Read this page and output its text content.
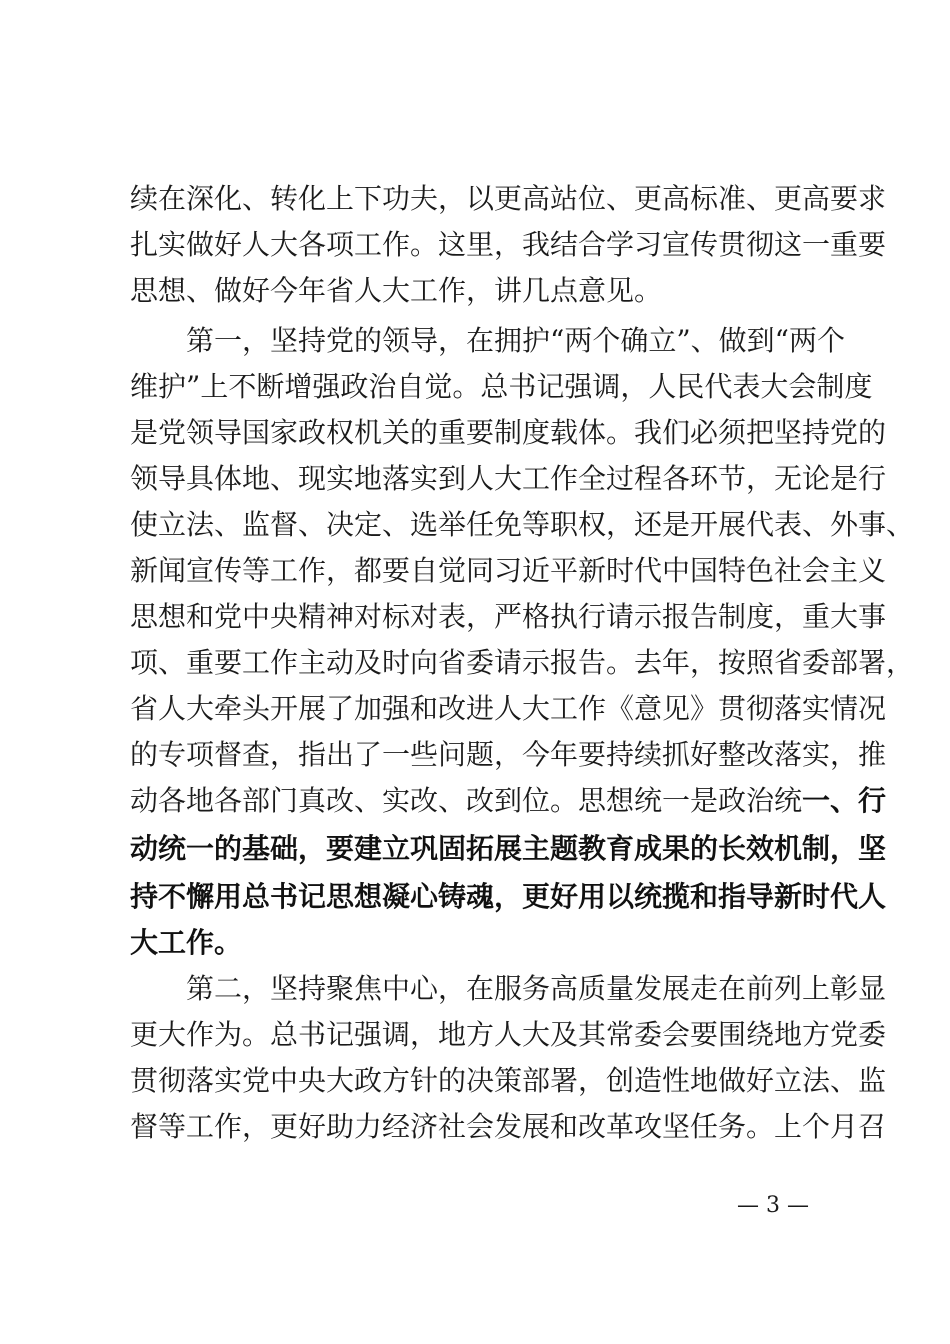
续在深化、转化上下功夫，以更高站位、更高标准、更高要求
扎实做好人大各项工作。这里，我结合学习宣传贯彻这一重要
思想、做好今年省人大工作，讲几点意见。
第一，坚持党的领导，在拥护“两个确立”、做到“两个
维护”上不断增强政治自觉。总书记强调，人民代表大会制度
是党领导国家政权机关的重要制度载体。我们必须把坚持党的
领导具体地、现实地落实到人大工作全过程各环节，无论是行
使立法、监督、决定、选举任免等职权，还是开展代表、外事、
新闻宣传等工作，都要自觉同习近平新时代中国特色社会主义
思想和党中央精神对标对表，严格执行请示报告制度，重大事
项、重要工作主动及时向省委请示报告。去年，按照省委部署，
省人大牵头开展了加强和改进人大工作《意见》贯彻落实情况
的专项督查，指出了一些问题，今年要持续抓好整改落实，推
动各地各部门真改、实改、改到位。思想统一是政治统一、行
动统一的基础，要建立巩固拓展主题教育成果的长效机制，坚
持不懈用总书记思想凝心铸魂，更好用以统揽和指导新时代人
大工作。
第二，坚持聚焦中心，在服务高质量发展走在前列上彰显
更大作为。总书记强调，地方人大及其常委会要围绕地方党委
贯彻落实党中央大政方针的决策部署，创造性地做好立法、监
督等工作，更好助力经济社会发展和改革攻坚任务。上个月召
— 3 —
